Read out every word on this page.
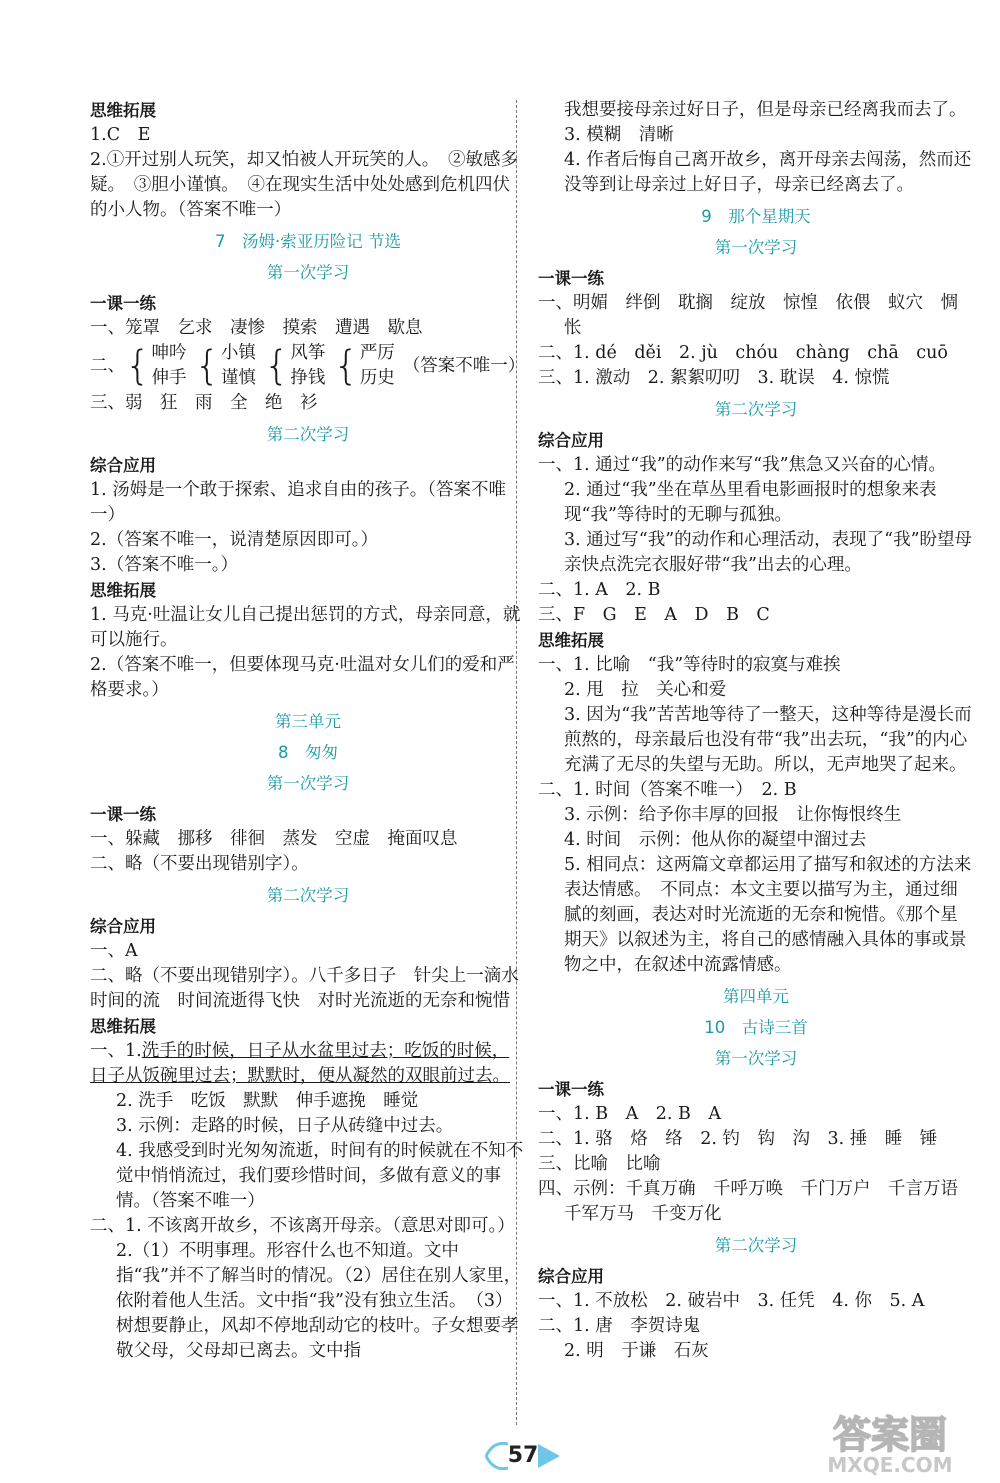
思维拓展
1.C　E
2.①开过别人玩笑，却又怕被人开玩笑的人。　②敏感多疑。　③胆小谨慎。　④在现实生活中处处感到危机四伏的小人物。（答案不唯一）
7　汤姆·索亚历险记 节选
第一次学习
一课一练
一、笼罩　乞求　凄惨　摸索　遭遇　歇息
二、 { 呻吟
伸手 { 小镇
谨慎 { 风筝
挣钱 { 严厉
历史
（答案不唯一）
三、弱　狂　雨　全　绝　衫
第二次学习
综合应用
1. 汤姆是一个敢于探索、追求自由的孩子。（答案不唯一）
2.（答案不唯一，说清楚原因即可。）
3.（答案不唯一。）
思维拓展
1. 马克·吐温让女儿自己提出惩罚的方式，母亲同意，就可以施行。
2.（答案不唯一，但要体现马克·吐温对女儿们的爱和严格要求。）
第三单元
8　匆匆
第一次学习
一课一练
一、躲藏　挪移　徘徊　蒸发　空虚　掩面叹息
二、略（不要出现错别字）。
第二次学习
综合应用
一、A
二、略（不要出现错别字）。八千多日子　针尖上一滴水　时间的流　时间流逝得飞快　对时光流逝的无奈和惋惜
思维拓展
一、1.洗手的时候，日子从水盆里过去；吃饭的时候，日子从饭碗里过去；默默时，便从凝然的双眼前过去。
2. 洗手　吃饭　默默　伸手遮挽　睡觉
3. 示例：走路的时候，日子从砖缝中过去。
4. 我感受到时光匆匆流逝，时间有的时候就在不知不觉中悄悄流过，我们要珍惜时间，多做有意义的事情。（答案不唯一）
二、1. 不该离开故乡，不该离开母亲。（意思对即可。）
2.（1）不明事理。形容什么也不知道。文中指“我”并不了解当时的情况。（2）居住在别人家里，依附着他人生活。文中指“我”没有独立生活。　（3）树想要静止，风却不停地刮动它的枝叶。子女想要孝敬父母，父母却已离去。文中指
我想要接母亲过好日子，但是母亲已经离我而去了。
3. 模糊　清晰
4. 作者后悔自己离开故乡，离开母亲去闯荡，然而还没等到让母亲过上好日子，母亲已经离去了。
9　那个星期天
第一次学习
一课一练
一、明媚　绊倒　耽搁　绽放　惊惶　依偎　蚁穴　惆怅
二、1. dé　děi　2. jù　chóu　chàng　chā　cuō
三、1. 激动　2. 絮絮叨叨　3. 耽误　4. 惊慌
第二次学习
综合应用
一、1. 通过“我”的动作来写“我”焦急又兴奋的心情。
2. 通过“我”坐在草丛里看电影画报时的想象来表现“我”等待时的无聊与孤独。
3. 通过写“我”的动作和心理活动，表现了“我”盼望母亲快点洗完衣服好带“我”出去的心理。
二、1. A　2. B
三、F　G　E　A　D　B　C
思维拓展
一、1. 比喻　“我”等待时的寂寞与难挨
2. 甩　拉　关心和爱
3. 因为“我”苦苦地等待了一整天，这种等待是漫长而煎熬的，母亲最后也没有带“我”出去玩，“我”的内心充满了无尽的失望与无助。所以，无声地哭了起来。
二、1. 时间（答案不唯一）　2. B
3. 示例：给予你丰厚的回报　让你悔恨终生
4. 时间　示例：他从你的凝望中溜过去
5. 相同点：这两篇文章都运用了描写和叙述的方法来表达情感。　不同点：本文主要以描写为主，通过细腻的刻画，表达对时光流逝的无奈和惋惜。《那个星期天》以叙述为主，将自己的感情融入具体的事或景物之中，在叙述中流露情感。
第四单元
10　古诗三首
第一次学习
一课一练
一、1. B　A　2. B　A
二、1. 骆　烙　络　2. 钓　钩　沟　3. 捶　睡　锤
三、比喻　比喻
四、示例：千真万确　千呼万唤　千门万户　千言万语　千军万马　千变万化
第二次学习
综合应用
一、1. 不放松　2. 破岩中　3. 任凭　4. 你　5. A
二、1. 唐　李贺诗鬼
2. 明　于谦　石灰
57	答案圈
MXQE.COM
